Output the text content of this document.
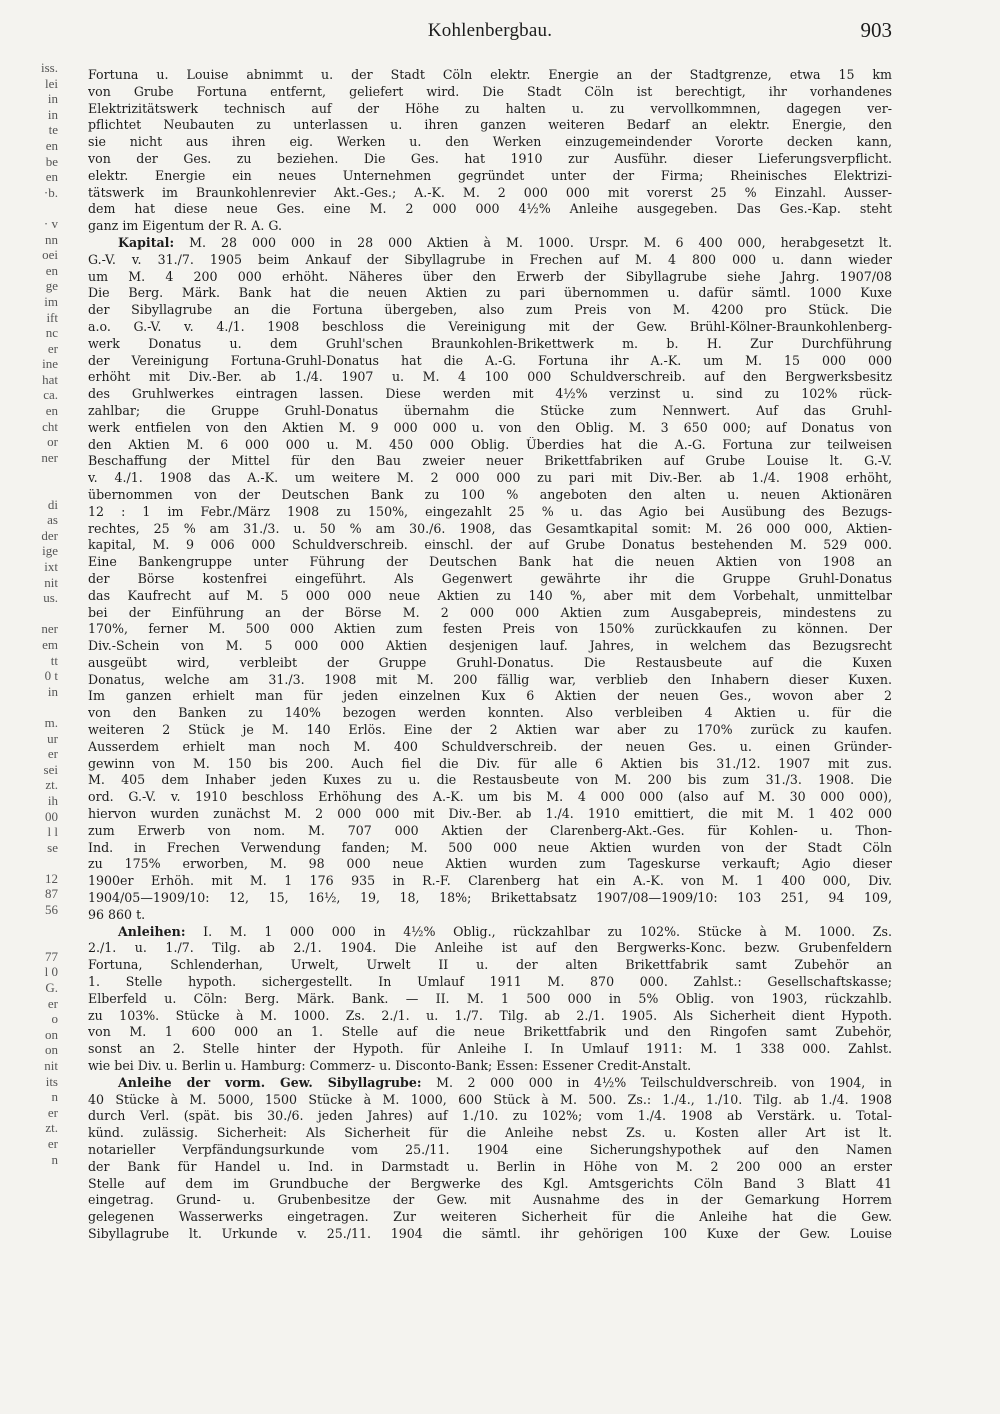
iss.
lei
in
in
te
en
be
en
·b.

· v
nn
oei
en
ge
im
ift
nc
er
ine
hat
ca.
en
cht
or
ner

di
as
der
ige
ixt
nit
us.

ner
em
tt
0 t
in

m.
ur
er
sei
zt.
ih
00
l l
se

12
87
56

77
l 0
G.
er
o
on
on
nit
its
n
er
zt.
er
n
Kohlenbergbau.	903
Fortuna u. Louise abnimmt u. der Stadt Cöln elektr. Energie an der Stadtgrenze, etwa 15 km
von Grube Fortuna entfernt, geliefert wird. Die Stadt Cöln ist berechtigt, ihr vorhandenes
Elektrizitätswerk technisch auf der Höhe zu halten u. zu vervollkommnen, dagegen ver-
pflichtet Neubauten zu unterlassen u. ihren ganzen weiteren Bedarf an elektr. Energie, den
sie nicht aus ihren eig. Werken u. den Werken einzugemeindender Vororte decken kann,
von der Ges. zu beziehen. Die Ges. hat 1910 zur Ausführ. dieser Lieferungsverpflicht.
elektr. Energie ein neues Unternehmen gegründet unter der Firma; Rheinisches Elektrizi-
tätswerk im Braunkohlenrevier Akt.-Ges.; A.-K. M. 2 000 000 mit vorerst 25 % Einzahl. Ausser-
dem hat diese neue Ges. eine M. 2 000 000 4½% Anleihe ausgegeben. Das Ges.-Kap. steht
ganz im Eigentum der R. A. G.
Kapital: M. 28 000 000 in 28 000 Aktien à M. 1000. Urspr. M. 6 400 000, herabgesetzt lt.
G.-V. v. 31./7. 1905 beim Ankauf der Sibyllagrube in Frechen auf M. 4 800 000 u. dann wieder
um M. 4 200 000 erhöht. Näheres über den Erwerb der Sibyllagrube siehe Jahrg. 1907/08
Die Berg. Märk. Bank hat die neuen Aktien zu pari übernommen u. dafür sämtl. 1000 Kuxe
der Sibyllagrube an die Fortuna übergeben, also zum Preis von M. 4200 pro Stück. Die
a.o. G.-V. v. 4./1. 1908 beschloss die Vereinigung mit der Gew. Brühl-Kölner-Braunkohlenberg-
werk Donatus u. dem Gruhl'schen Braunkohlen-Brikettwerk m. b. H. Zur Durchführung
der Vereinigung Fortuna-Gruhl-Donatus hat die A.-G. Fortuna ihr A.-K. um M. 15 000 000
erhöht mit Div.-Ber. ab 1./4. 1907 u. M. 4 100 000 Schuldverschreib. auf den Bergwerksbesitz
des Gruhlwerkes eintragen lassen. Diese werden mit 4½% verzinst u. sind zu 102% rück-
zahlbar; die Gruppe Gruhl-Donatus übernahm die Stücke zum Nennwert. Auf das Gruhl-
werk entfielen von den Aktien M. 9 000 000 u. von den Oblig. M. 3 650 000; auf Donatus von
den Aktien M. 6 000 000 u. M. 450 000 Oblig. Überdies hat die A.-G. Fortuna zur teilweisen
Beschaffung der Mittel für den Bau zweier neuer Brikettfabriken auf Grube Louise lt. G.-V.
v. 4./1. 1908 das A.-K. um weitere M. 2 000 000 zu pari mit Div.-Ber. ab 1./4. 1908 erhöht,
übernommen von der Deutschen Bank zu 100 % angeboten den alten u. neuen Aktionären
12 : 1 im Febr./März 1908 zu 150%, eingezahlt 25 % u. das Agio bei Ausübung des Bezugs-
rechtes, 25 % am 31./3. u. 50 % am 30./6. 1908, das Gesamtkapital somit: M. 26 000 000, Aktien-
kapital, M. 9 006 000 Schuldverschreib. einschl. der auf Grube Donatus bestehenden M. 529 000.
Eine Bankengruppe unter Führung der Deutschen Bank hat die neuen Aktien von 1908 an
der Börse kostenfrei eingeführt. Als Gegenwert gewährte ihr die Gruppe Gruhl-Donatus
das Kaufrecht auf M. 5 000 000 neue Aktien zu 140 %, aber mit dem Vorbehalt, unmittelbar
bei der Einführung an der Börse M. 2 000 000 Aktien zum Ausgabepreis, mindestens zu
170%, ferner M. 500 000 Aktien zum festen Preis von 150% zurückkaufen zu können. Der
Div.-Schein von M. 5 000 000 Aktien desjenigen lauf. Jahres, in welchem das Bezugsrecht
ausgeübt wird, verbleibt der Gruppe Gruhl-Donatus. Die Restausbeute auf die Kuxen
Donatus, welche am 31./3. 1908 mit M. 200 fällig war, verblieb den Inhabern dieser Kuxen.
Im ganzen erhielt man für jeden einzelnen Kux 6 Aktien der neuen Ges., wovon aber 2
von den Banken zu 140% bezogen werden konnten. Also verbleiben 4 Aktien u. für die
weiteren 2 Stück je M. 140 Erlös. Eine der 2 Aktien war aber zu 170% zurück zu kaufen.
Ausserdem erhielt man noch M. 400 Schuldverschreib. der neuen Ges. u. einen Gründer-
gewinn von M. 150 bis 200. Auch fiel die Div. für alle 6 Aktien bis 31./12. 1907 mit zus.
M. 405 dem Inhaber jeden Kuxes zu u. die Restausbeute von M. 200 bis zum 31./3. 1908. Die
ord. G.-V. v. 1910 beschloss Erhöhung des A.-K. um bis M. 4 000 000 (also auf M. 30 000 000),
hiervon wurden zunächst M. 2 000 000 mit Div.-Ber. ab 1./4. 1910 emittiert, die mit M. 1 402 000
zum Erwerb von nom. M. 707 000 Aktien der Clarenberg-Akt.-Ges. für Kohlen- u. Thon-
Ind. in Frechen Verwendung fanden; M. 500 000 neue Aktien wurden von der Stadt Cöln
zu 175% erworben, M. 98 000 neue Aktien wurden zum Tageskurse verkauft; Agio dieser
1900er Erhöh. mit M. 1 176 935 in R.-F. Clarenberg hat ein A.-K. von M. 1 400 000, Div.
1904/05—1909/10: 12, 15, 16½, 19, 18, 18%; Brikettabsatz 1907/08—1909/10: 103 251, 94 109,
96 860 t.
Anleihen: I. M. 1 000 000 in 4½% Oblig., rückzahlbar zu 102%. Stücke à M. 1000. Zs.
2./1. u. 1./7. Tilg. ab 2./1. 1904. Die Anleihe ist auf den Bergwerks-Konc. bezw. Grubenfeldern
Fortuna, Schlenderhan, Urwelt, Urwelt II u. der alten Brikettfabrik samt Zubehör an
1. Stelle hypoth. sichergestellt. In Umlauf 1911 M. 870 000. Zahlst.: Gesellschaftskasse;
Elberfeld u. Cöln: Berg. Märk. Bank. — II. M. 1 500 000 in 5% Oblig. von 1903, rückzahlb.
zu 103%. Stücke à M. 1000. Zs. 2./1. u. 1./7. Tilg. ab 2./1. 1905. Als Sicherheit dient Hypoth.
von M. 1 600 000 an 1. Stelle auf die neue Brikettfabrik und den Ringofen samt Zubehör,
sonst an 2. Stelle hinter der Hypoth. für Anleihe I. In Umlauf 1911: M. 1 338 000. Zahlst.
wie bei Div. u. Berlin u. Hamburg: Commerz- u. Disconto-Bank; Essen: Essener Credit-Anstalt.
Anleihe der vorm. Gew. Sibyllagrube: M. 2 000 000 in 4½% Teilschuldverschreib. von 1904, in
40 Stücke à M. 5000, 1500 Stücke à M. 1000, 600 Stück à M. 500. Zs.: 1./4., 1./10. Tilg. ab 1./4. 1908
durch Verl. (spät. bis 30./6. jeden Jahres) auf 1./10. zu 102%; vom 1./4. 1908 ab Verstärk. u. Total-
künd. zulässig. Sicherheit: Als Sicherheit für die Anleihe nebst Zs. u. Kosten aller Art ist lt.
notarieller Verpfändungsurkunde vom 25./11. 1904 eine Sicherungshypothek auf den Namen
der Bank für Handel u. Ind. in Darmstadt u. Berlin in Höhe von M. 2 200 000 an erster
Stelle auf dem im Grundbuche der Bergwerke des Kgl. Amtsgerichts Cöln Band 3 Blatt 41
eingetrag. Grund- u. Grubenbesitze der Gew. mit Ausnahme des in der Gemarkung Horrem
gelegenen Wasserwerks eingetragen. Zur weiteren Sicherheit für die Anleihe hat die Gew.
Sibyllagrube lt. Urkunde v. 25./11. 1904 die sämtl. ihr gehörigen 100 Kuxe der Gew. Louise
